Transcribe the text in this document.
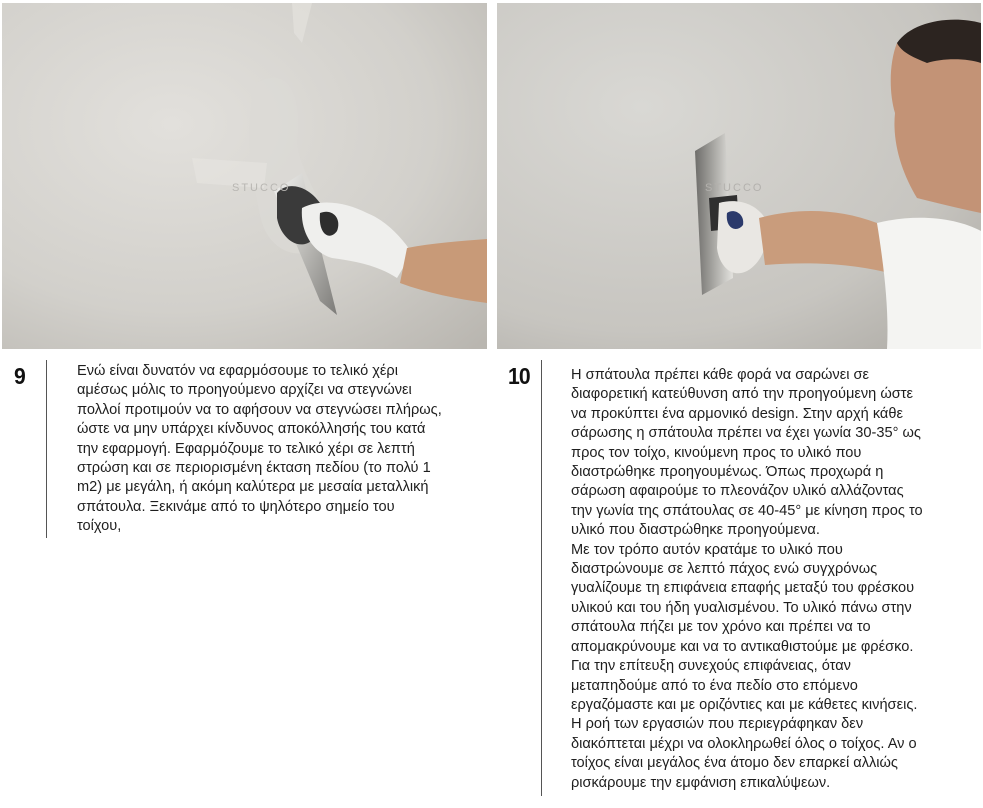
STUCCO
9	Ενώ είναι δυνατόν να εφαρμόσουμε το τελικό χέρι
αμέσως μόλις το προηγούμενο αρχίζει να στεγνώνει
πολλοί προτιμούν να το αφήσουν να στεγνώσει πλήρως,
ώστε να μην υπάρχει κίνδυνος αποκόλλησής του κατά
την εφαρμογή. Εφαρμόζουμε το τελικό χέρι σε λεπτή
στρώση και σε περιορισμένη έκταση πεδίου (το πολύ 1
m2) με μεγάλη, ή ακόμη καλύτερα με μεσαία μεταλλική
σπάτουλα. Ξεκινάμε από το ψηλότερο σημείο του
τοίχου,

STUCCO
10	Η σπάτουλα πρέπει κάθε φορά να σαρώνει σε
διαφορετική κατεύθυνση από την προηγούμενη ώστε
να προκύπτει ένα αρμονικό design. Στην αρχή κάθε
σάρωσης η σπάτουλα πρέπει να έχει γωνία 30-35° ως
προς τον τοίχο, κινούμενη προς το υλικό που
διαστρώθηκε προηγουμένως. Όπως προχωρά η
σάρωση αφαιρούμε το πλεονάζον υλικό αλλάζοντας
την γωνία της σπάτουλας σε 40-45° με κίνηση προς το
υλικό που διαστρώθηκε προηγούμενα.
Με τον τρόπο αυτόν κρατάμε το υλικό που
διαστρώνουμε σε λεπτό πάχος ενώ συγχρόνως
γυαλίζουμε τη επιφάνεια επαφής μεταξύ του φρέσκου
υλικού και του ήδη γυαλισμένου. Το υλικό πάνω στην
σπάτουλα πήζει με τον χρόνο και πρέπει να το
απομακρύνουμε και να το αντικαθιστούμε με φρέσκο.
Για την επίτευξη συνεχούς επιφάνειας, όταν
μεταπηδούμε από το ένα πεδίο στο επόμενο
εργαζόμαστε και με οριζόντιες και με κάθετες κινήσεις.
Η ροή των εργασιών που περιεγράφηκαν δεν
διακόπτεται μέχρι να ολοκληρωθεί όλος ο τοίχος. Αν ο
τοίχος είναι μεγάλος ένα άτομο δεν επαρκεί αλλιώς
ρισκάρουμε την εμφάνιση επικαλύψεων.
